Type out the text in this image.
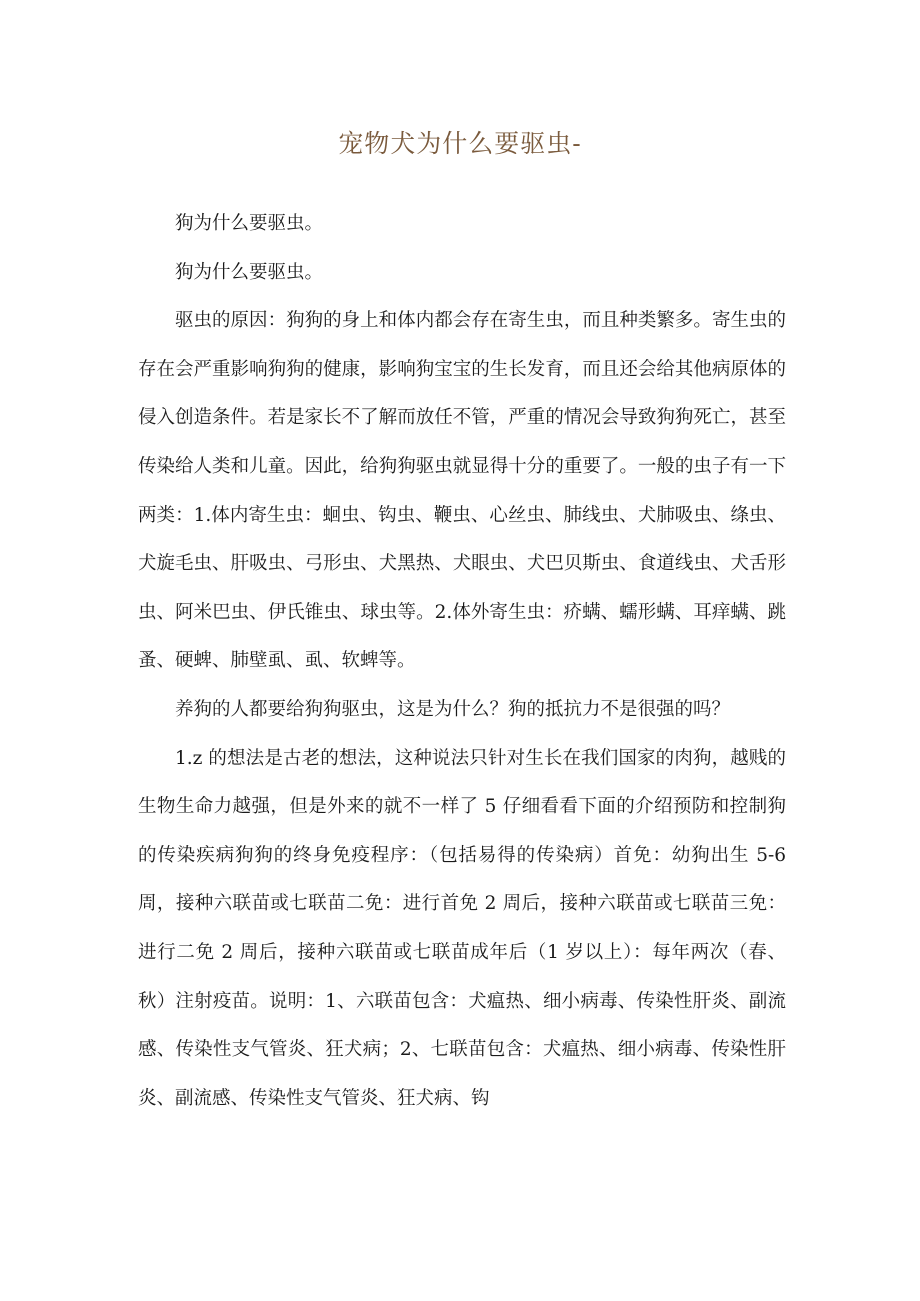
宠物犬为什么要驱虫-

狗为什么要驱虫。

狗为什么要驱虫。

驱虫的原因：狗狗的身上和体内都会存在寄生虫，而且种类繁多。寄生虫的存在会严重影响狗狗的健康，影响狗宝宝的生长发育，而且还会给其他病原体的侵入创造条件。若是家长不了解而放任不管，严重的情况会导致狗狗死亡，甚至传染给人类和儿童。因此，给狗狗驱虫就显得十分的重要了。一般的虫子有一下两类：1.体内寄生虫：蛔虫、钩虫、鞭虫、心丝虫、肺线虫、犬肺吸虫、绦虫、犬旋毛虫、肝吸虫、弓形虫、犬黑热、犬眼虫、犬巴贝斯虫、食道线虫、犬舌形虫、阿米巴虫、伊氏锥虫、球虫等。2.体外寄生虫：疥螨、蠕形螨、耳痒螨、跳蚤、硬蜱、肺壁虱、虱、软蜱等。

养狗的人都要给狗狗驱虫，这是为什么？狗的抵抗力不是很强的吗？

1.z 的想法是古老的想法，这种说法只针对生长在我们国家的肉狗，越贱的生物生命力越强，但是外来的就不一样了 5 仔细看看下面的介绍预防和控制狗的传染疾病狗狗的终身免疫程序：（包括易得的传染病）首免：幼狗出生 5-6 周，接种六联苗或七联苗二免：进行首免 2 周后，接种六联苗或七联苗三免：进行二免 2 周后，接种六联苗或七联苗成年后（1 岁以上）：每年两次（春、秋）注射疫苗。说明：1、六联苗包含：犬瘟热、细小病毒、传染性肝炎、副流感、传染性支气管炎、狂犬病；2、七联苗包含：犬瘟热、细小病毒、传染性肝炎、副流感、传染性支气管炎、狂犬病、钩
